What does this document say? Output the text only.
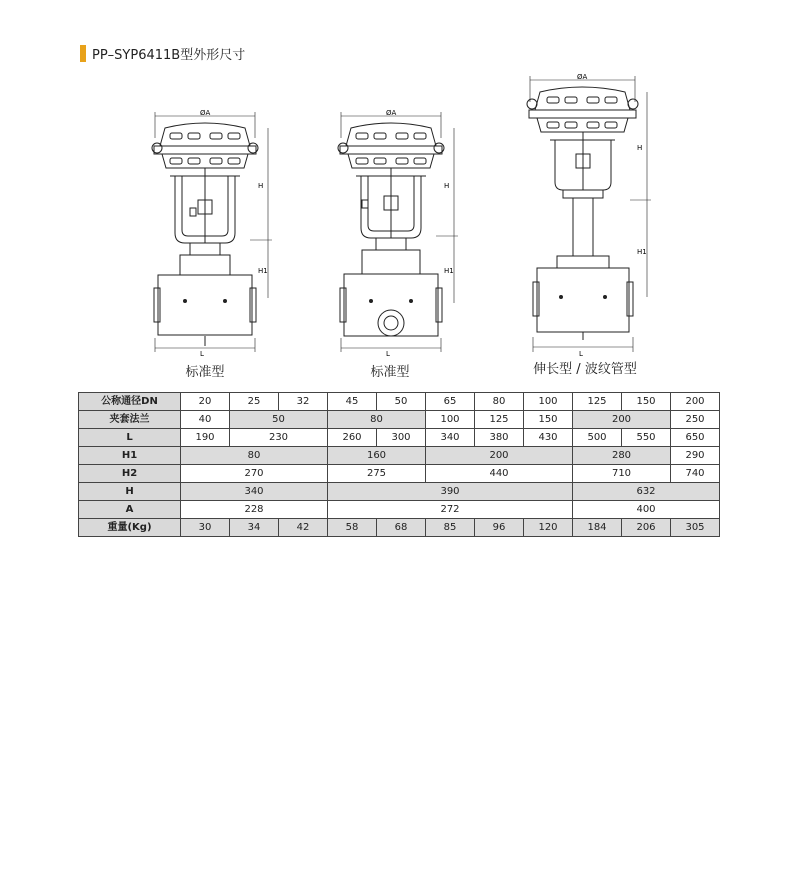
PP–SYP6411B型外形尺寸
ØA
H
H1
L
标准型
ØA
H
H1
L
标准型
ØA
H
H1
L
伸长型 / 波纹管型
公称通径DN	20	25	32	45	50	65	80	100	125	150	200
夹套法兰	40	50		80		100	125	150	200		250
L	190	230		260	300	340	380	430	500	550	650
H1	80			160		200			280		290
H2	270			275		440			710		740
H	340			390					632		
A	228			272					400		
重量(Kg)	30	34	42	58	68	85	96	120	184	206	305
